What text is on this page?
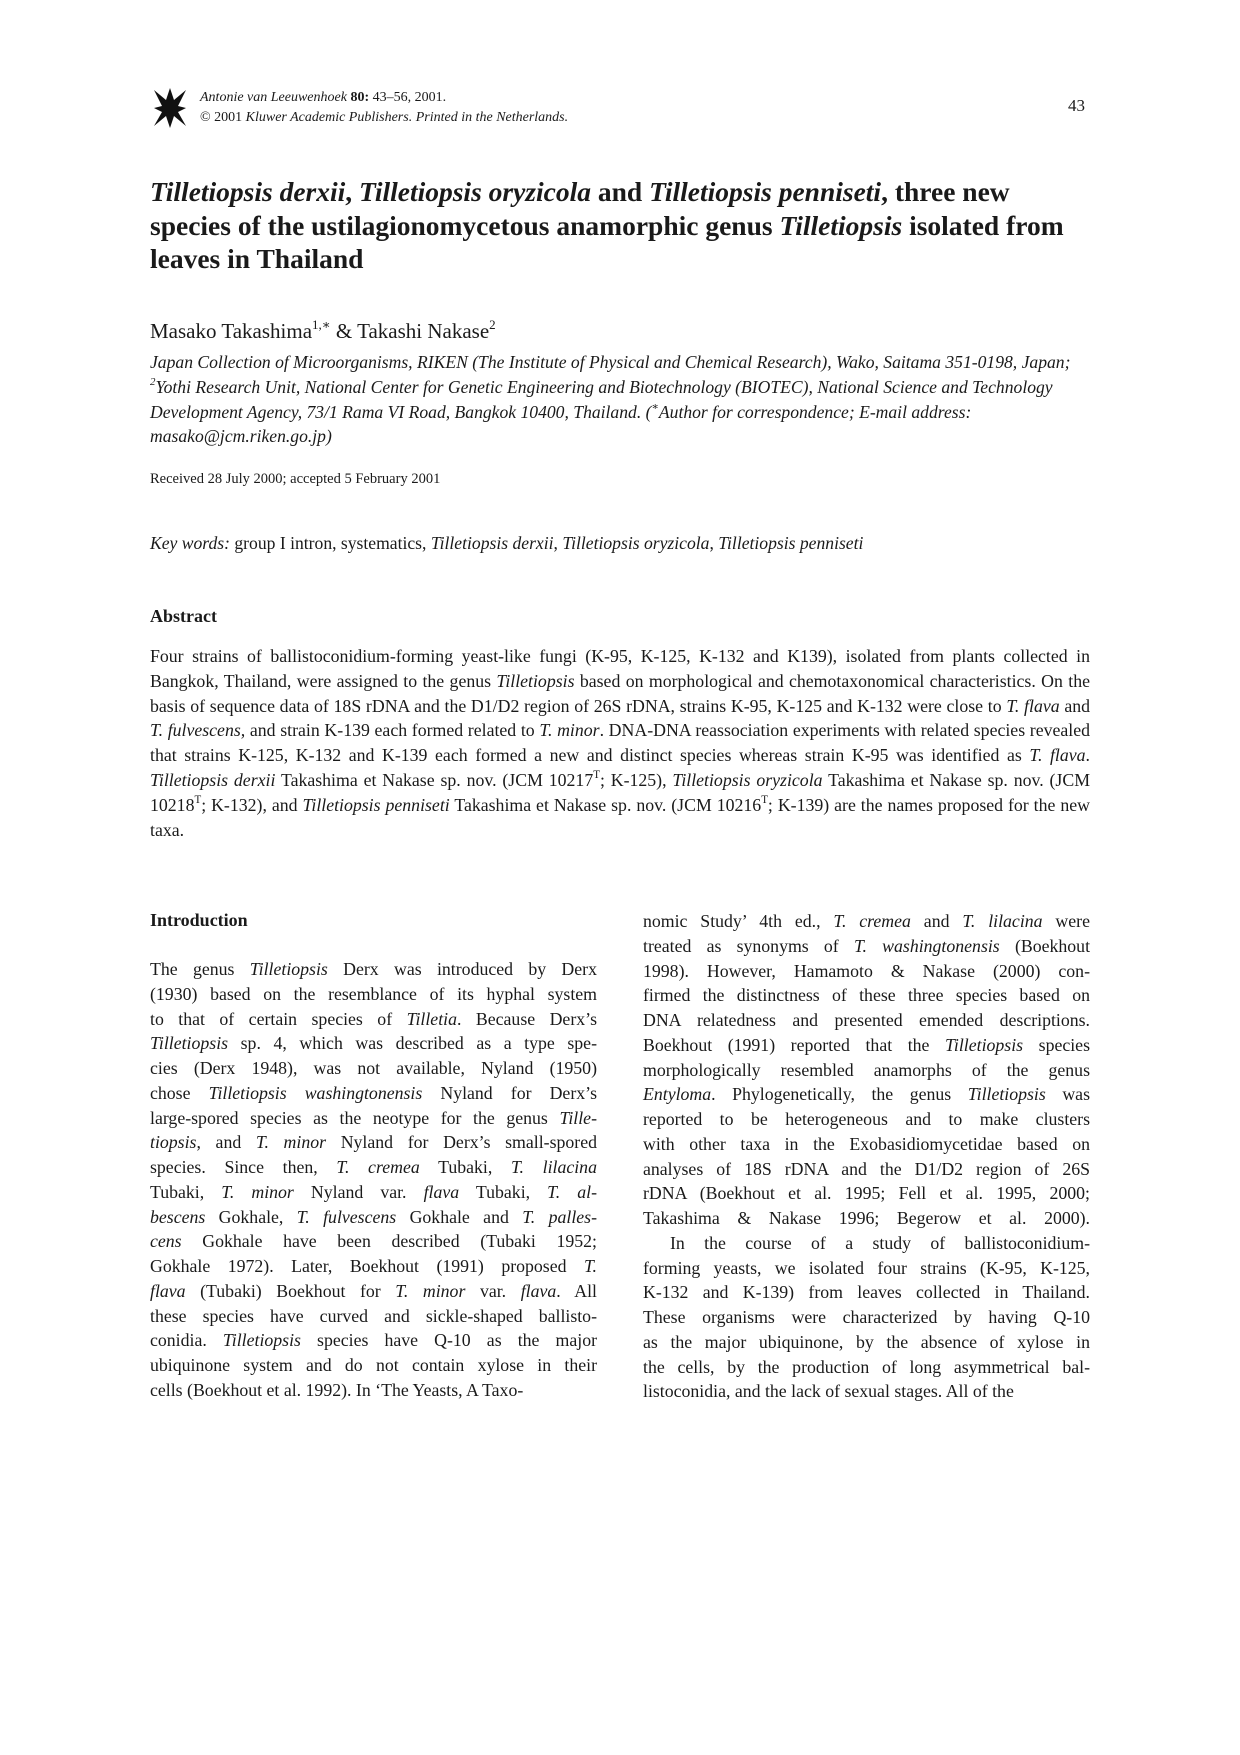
Antonie van Leeuwenhoek 80: 43–56, 2001.
© 2001 Kluwer Academic Publishers. Printed in the Netherlands.
43
Tilletiopsis derxii, Tilletiopsis oryzicola and Tilletiopsis penniseti, three new species of the ustilagionomycetous anamorphic genus Tilletiopsis isolated from leaves in Thailand
Masako Takashima$^{1,∗}$ & Takashi Nakase$^2$
Japan Collection of Microorganisms, RIKEN (The Institute of Physical and Chemical Research), Wako, Saitama 351-0198, Japan; $^2$Yothi Research Unit, National Center for Genetic Engineering and Biotechnology (BIOTEC), National Science and Technology Development Agency, 73/1 Rama VI Road, Bangkok 10400, Thailand. (∗Author for correspondence; E-mail address: masako@jcm.riken.go.jp)
Received 28 July 2000; accepted 5 February 2001
Key words: group I intron, systematics, Tilletiopsis derxii, Tilletiopsis oryzicola, Tilletiopsis penniseti
Abstract
Four strains of ballistoconidium-forming yeast-like fungi (K-95, K-125, K-132 and K139), isolated from plants collected in Bangkok, Thailand, were assigned to the genus Tilletiopsis based on morphological and chemotaxonomical characteristics. On the basis of sequence data of 18S rDNA and the D1/D2 region of 26S rDNA, strains K-95, K-125 and K-132 were close to T. flava and T. fulvescens, and strain K-139 each formed related to T. minor. DNA-DNA reassociation experiments with related species revealed that strains K-125, K-132 and K-139 each formed a new and distinct species whereas strain K-95 was identified as T. flava. Tilletiopsis derxii Takashima et Nakase sp. nov. (JCM $10217^T$; K-125), Tilletiopsis oryzicola Takashima et Nakase sp. nov. (JCM $10218^T$; K-132), and Tilletiopsis penniseti Takashima et Nakase sp. nov. (JCM $10216^T$; K-139) are the names proposed for the new taxa.
Introduction
The genus Tilletiopsis Derx was introduced by Derx
(1930) based on the resemblance of its hyphal system
to that of certain species of Tilletia. Because Derx’s
Tilletiopsis sp. 4, which was described as a type spe-
cies (Derx 1948), was not available, Nyland (1950)
chose Tilletiopsis washingtonensis Nyland for Derx’s
large-spored species as the neotype for the genus Tille-
tiopsis, and T. minor Nyland for Derx’s small-spored
species. Since then, T. cremea Tubaki, T. lilacina
Tubaki, T. minor Nyland var. flava Tubaki, T. al-
bescens Gokhale, T. fulvescens Gokhale and T. palles-
cens Gokhale have been described (Tubaki 1952;
Gokhale 1972). Later, Boekhout (1991) proposed T.
flava (Tubaki) Boekhout for T. minor var. flava. All
these species have curved and sickle-shaped ballisto-
conidia. Tilletiopsis species have Q-10 as the major
ubiquinone system and do not contain xylose in their
cells (Boekhout et al. 1992). In ‘The Yeasts, A Taxo-
nomic Study’ 4th ed., T. cremea and T. lilacina were
treated as synonyms of T. washingtonensis (Boekhout
1998). However, Hamamoto & Nakase (2000) con-
firmed the distinctness of these three species based on
DNA relatedness and presented emended descriptions.
Boekhout (1991) reported that the Tilletiopsis species
morphologically resembled anamorphs of the genus
Entyloma. Phylogenetically, the genus Tilletiopsis was
reported to be heterogeneous and to make clusters
with other taxa in the Exobasidiomycetidae based on
analyses of 18S rDNA and the D1/D2 region of 26S
rDNA (Boekhout et al. 1995; Fell et al. 1995, 2000;
Takashima & Nakase 1996; Begerow et al. 2000).
In the course of a study of ballistoconidium-
forming yeasts, we isolated four strains (K-95, K-125,
K-132 and K-139) from leaves collected in Thailand.
These organisms were characterized by having Q-10
as the major ubiquinone, by the absence of xylose in
the cells, by the production of long asymmetrical bal-
listoconidia, and the lack of sexual stages. All of the
